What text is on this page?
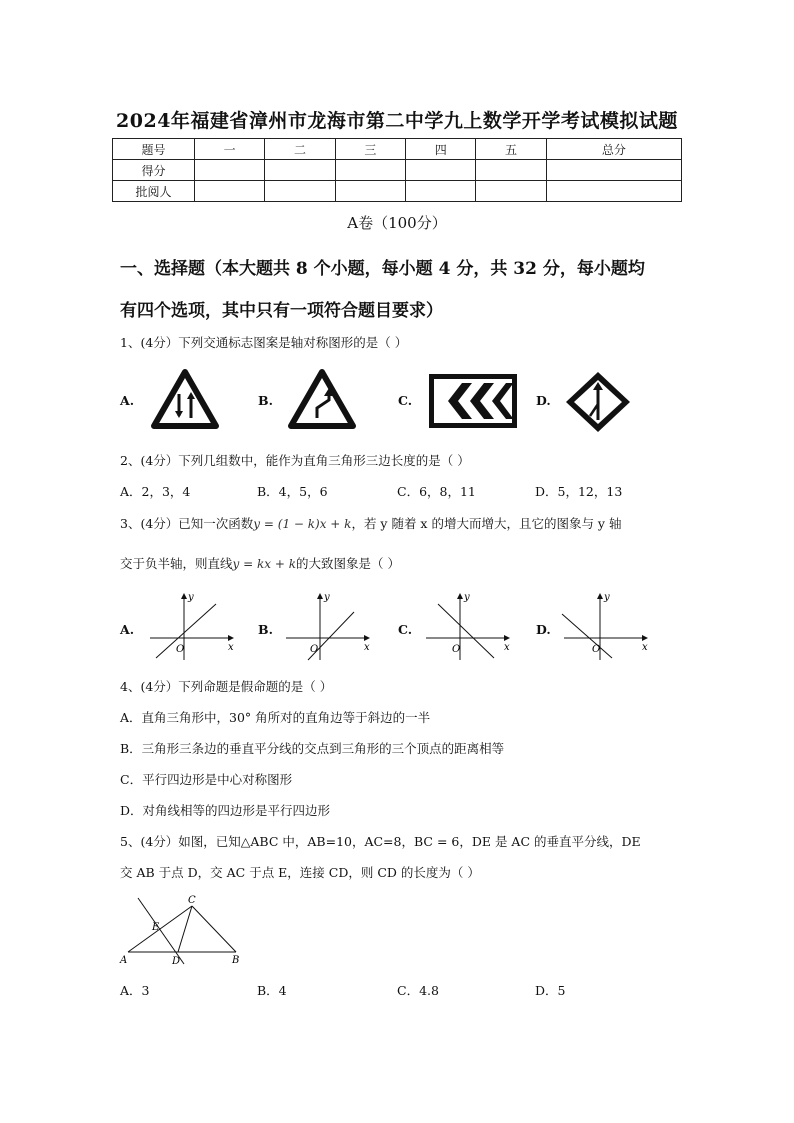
2024年福建省漳州市龙海市第二中学九上数学开学考试模拟试题
题号	一	二	三	四	五	总分
得分						
批阅人						
A卷（100分）
一、选择题（本大题共 8 个小题，每小题 4 分，共 32 分，每小题均
有四个选项，其中只有一项符合题目要求）
1、(4分）下列交通标志图案是轴对称图形的是（ ）
A.	B.	C.	D.
2、(4分）下列几组数中，能作为直角三角形三边长度的是（ ）
A．2，3，4	B．4，5，6	C．6，8，11	D．5，12，13
3、(4分）已知一次函数y = (1 − k)x + k，若 y 随着 x 的增大而增大，且它的图象与 y 轴
交于负半轴，则直线y = kx + k的大致图象是（ ）
A.
y
x
O
B.
y
x
O
C.
y
x
O
D.
y
x
O
4、(4分）下列命题是假命题的是（ ）
A．直角三角形中，30° 角所对的直角边等于斜边的一半
B．三角形三条边的垂直平分线的交点到三角形的三个顶点的距离相等
C．平行四边形是中心对称图形
D．对角线相等的四边形是平行四边形
5、(4分）如图，已知△ABC 中，AB=10，AC=8，BC = 6，DE 是 AC 的垂直平分线，DE
交 AB 于点 D，交 AC 于点 E，连接 CD，则 CD 的长度为（ ）
C
E
A	D	B
A．3	B．4	C．4.8	D．5
